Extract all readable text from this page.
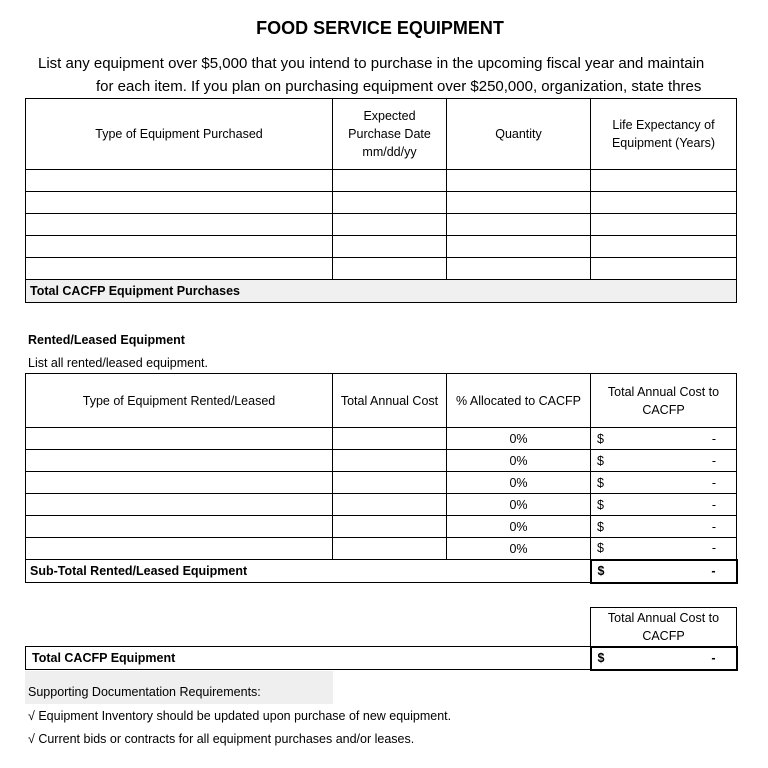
FOOD SERVICE EQUIPMENT
List any equipment over $5,000 that you intend to purchase in the upcoming fiscal year and maintain
for each item. If you plan on purchasing equipment over $250,000, organization, state thres
Type of Equipment Purchased	Expected Purchase Date mm/dd/yy	Quantity	Life Expectancy of Equipment (Years)

Total CACFP Equipment Purchases			
Rented/Leased Equipment
List all rented/leased equipment.
Type of Equipment Rented/Leased	Total Annual Cost	% Allocated to CACFP	Total Annual Cost to CACFP
		0%	$ -

		0%	$ -

		0%	$ -

		0%	$ -

		0%	$ -

		0%	$ -

Sub-Total Rented/Leased Equipment			$ -
	Total Annual Cost to CACFP
Total CACFP Equipment	$ -
Supporting Documentation Requirements:
√ Equipment Inventory should be updated upon purchase of new equipment.
√ Current bids or contracts for all equipment purchases and/or leases.
